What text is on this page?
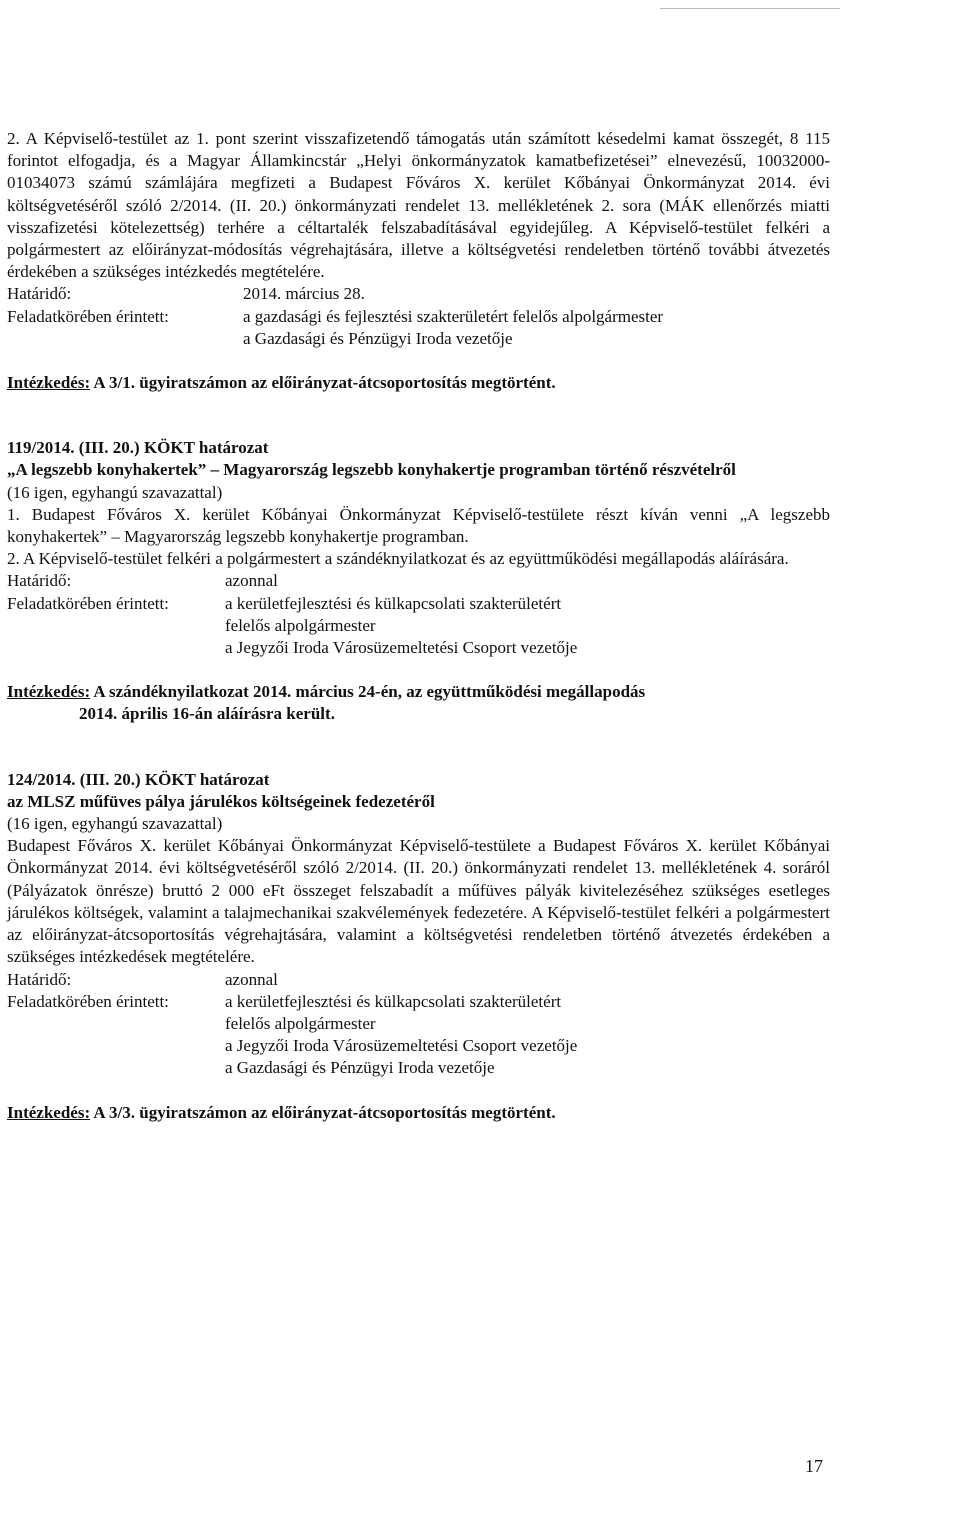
2. A Képviselő-testület az 1. pont szerint visszafizetendő támogatás után számított késedelmi kamat összegét, 8 115 forintot elfogadja, és a Magyar Államkincstár „Helyi önkormányzatok kamatbefizetései” elnevezésű, 10032000-01034073 számú számlájára megfizeti a Budapest Főváros X. kerület Kőbányai Önkormányzat 2014. évi költségvetéséről szóló 2/2014. (II. 20.) önkormányzati rendelet 13. mellékletének 2. sora (MÁK ellenőrzés miatti visszafizetési kötelezettség) terhére a céltartalék felszabadításával egyidejűleg. A Képviselő-testület felkéri a polgármestert az előirányzat-módosítás végrehajtására, illetve a költségvetési rendeletben történő további átvezetés érdekében a szükséges intézkedés megtételére.

Határidő:	2014. március 28.
Feladatkörében érintett:	a gazdasági és fejlesztési szakterületért felelős alpolgármester
a Gazdasági és Pénzügyi Iroda vezetője

Intézkedés: A 3/1. ügyiratszámon az előirányzat-átcsoportosítás megtörtént.

119/2014. (III. 20.) KÖKT határozat

„A legszebb konyhakertek” – Magyarország legszebb konyhakertje programban történő részvételről

(16 igen, egyhangú szavazattal)

1. Budapest Főváros X. kerület Kőbányai Önkormányzat Képviselő-testülete részt kíván venni „A legszebb konyhakertek” – Magyarország legszebb konyhakertje programban.

2. A Képviselő-testület felkéri a polgármestert a szándéknyilatkozat és az együttműködési megállapodás aláírására.

Határidő:	azonnal
Feladatkörében érintett:	a kerületfejlesztési és külkapcsolati szakterületért
felelős alpolgármester
a Jegyzői Iroda Városüzemeltetési Csoport vezetője

Intézkedés: A szándéknyilatkozat 2014. március 24-én, az együttműködési megállapodás

2014. április 16-án aláírásra került.

124/2014. (III. 20.) KÖKT határozat

az MLSZ műfüves pálya járulékos költségeinek fedezetéről

(16 igen, egyhangú szavazattal)

Budapest Főváros X. kerület Kőbányai Önkormányzat Képviselő-testülete a Budapest Főváros X. kerület Kőbányai Önkormányzat 2014. évi költségvetéséről szóló 2/2014. (II. 20.) önkormányzati rendelet 13. mellékletének 4. soráról (Pályázatok önrésze) bruttó 2 000 eFt összeget felszabadít a műfüves pályák kivitelezéséhez szükséges esetleges járulékos költségek, valamint a talajmechanikai szakvélemények fedezetére. A Képviselő-testület felkéri a polgármestert az előirányzat-átcsoportosítás végrehajtására, valamint a költségvetési rendeletben történő átvezetés érdekében a szükséges intézkedések megtételére.

Határidő:	azonnal
Feladatkörében érintett:	a kerületfejlesztési és külkapcsolati szakterületért
felelős alpolgármester
a Jegyzői Iroda Városüzemeltetési Csoport vezetője
a Gazdasági és Pénzügyi Iroda vezetője

Intézkedés: A 3/3. ügyiratszámon az előirányzat-átcsoportosítás megtörtént.

17
